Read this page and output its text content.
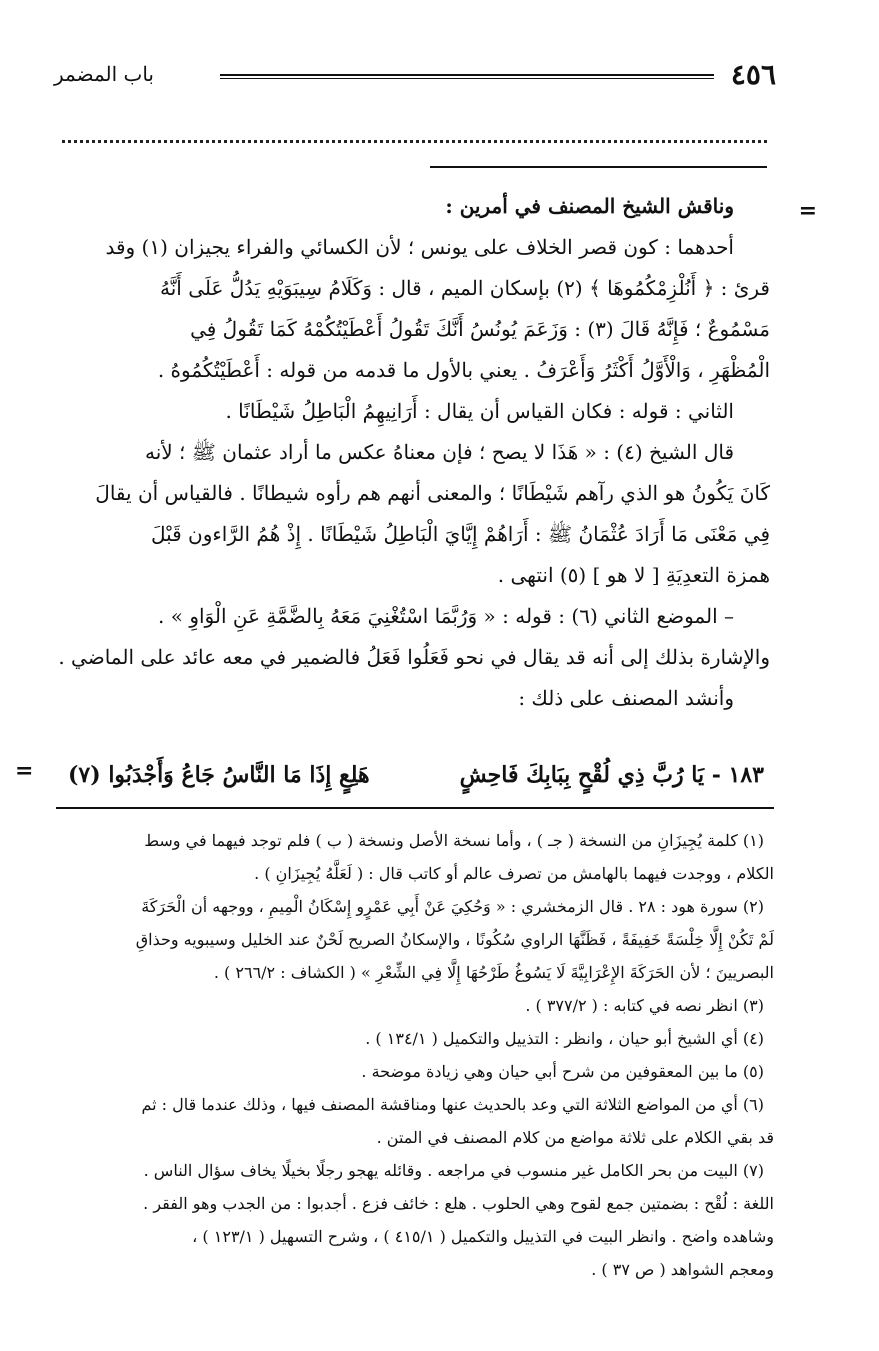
٤٥٦
باب المضمر
=

وناقش الشيخ المصنف في أمرين :

أحدهما : كون قصر الخلاف على يونس ؛ لأن الكسائي والفراء يجيزان (١) وقد

قرئ : ﴿ أَنُلْزِمْكُمُوهَا ﴾ (٢) بإسكان الميم ، قال : وَكَلَامُ سِيبَوَيْهِ يَدُلُّ عَلَى أَنَّهُ

مَسْمُوعٌ ؛ فَإِنَّهُ قَالَ (٣) : وَزَعَمَ يُونُسُ أَنَّكَ تَقُولُ أَعْطَيْتُكُمْهُ كَمَا تَقُولُ فِي

الْمُظْهَرِ ، وَالْأَوَّلُ أَكْثَرُ وَأَعْرَفُ . يعني بالأول ما قدمه من قوله : أَعْطَيْتُكُمُوهُ .

الثاني : قوله : فكان القياس أن يقال : أَرَانِيهِمُ الْبَاطِلُ شَيْطَانًا .

قال الشيخ (٤) : « هَذَا لا يصح ؛ فإن معناهُ عكس ما أراد عثمان ﷺ ؛ لأنه

كَانَ يَكُونُ هو الذي رآهم شَيْطَانًا ؛ والمعنى أنهم هم رأوه شيطانًا . فالقياس أن يقالَ

فِي مَعْنَى مَا أَرَادَ عُثْمَانُ ﷺ : أَرَاهُمْ إِيَّايَ الْبَاطِلُ شَيْطَانًا . إِذْ هُمُ الرَّاءون قَبْلَ

همزة التعدِيَةِ [ لا هو ] (٥) انتهى .

– الموضع الثاني (٦) : قوله : « وَرُبَّمَا اسْتُغْنِيَ مَعَهُ بِالضَّمَّةِ عَنِ الْوَاوِ » .

والإشارة بذلك إلى أنه قد يقال في نحو فَعَلُوا فَعَلُ فالضمير في معه عائد على الماضي .

وأنشد المصنف على ذلك :

١٨٣ - يَا رُبَّ ذِي لُقْحٍ بِبَابِكَ فَاحِشٍ
هَلِعٍ إِذَا مَا النَّاسُ جَاعُ وَأَجْدَبُوا (٧)
=

(١) كلمة يُجِيزَانِ من النسخة ( جـ ) ، وأما نسخة الأصل ونسخة ( ب ) فلم توجد فيهما في وسط

الكلام ، ووجدت فيهما بالهامش من تصرف عالم أو كاتب قال : ( لَعَلَّهُ يُجِيزَانِ ) .

(٢) سورة هود : ٢٨ . قال الزمخشري : « وَحُكِيَ عَنْ أَبِي عَمْرٍو إِسْكَانُ الْمِيمِ ، ووجهه أن الْحَرَكَةَ

لَمْ تَكُنْ إِلَّا خِلْسَةً خَفِيفَةً ، فَظَنَّهَا الراوي سُكُونًا ، والإسكانُ الصريح لَحْنٌ عند الخليل وسيبويه وحذاقِ

البصريينَ ؛ لأن الحَرَكَةَ الإِعْرَابِيَّةَ لَا يَسُوغُ طَرْحُهَا إِلَّا فِي الشِّعْرِ » ( الكشاف : ٢٦٦/٢ ) .

(٣) انظر نصه في كتابه : ( ٣٧٧/٢ ) .

(٤) أي الشيخ أبو حيان ، وانظر : التذييل والتكميل ( ١٣٤/١ ) .

(٥) ما بين المعقوفين من شرح أبي حيان وهي زيادة موضحة .

(٦) أي من المواضع الثلاثة التي وعد بالحديث عنها ومناقشة المصنف فيها ، وذلك عندما قال : ثم

قد بقي الكلام على ثلاثة مواضع من كلام المصنف في المتن .

(٧) البيت من بحر الكامل غير منسوب في مراجعه . وقائله يهجو رجلًا بخيلًا يخاف سؤال الناس .

اللغة : لُقْح : بضمتين جمع لقوح وهي الحلوب . هلع : خائف فزع . أجدبوا : من الجدب وهو الفقر .

وشاهده واضح . وانظر البيت في التذييل والتكميل ( ٤١٥/١ ) ، وشرح التسهيل ( ١٢٣/١ ) ،

ومعجم الشواهد ( ص ٣٧ ) .
